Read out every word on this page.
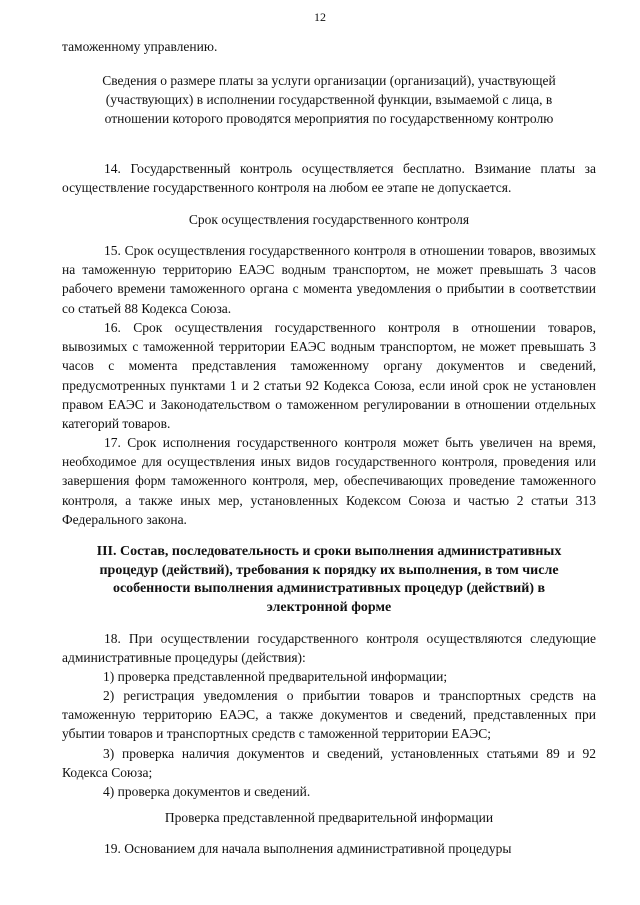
12

таможенному управлению.

Сведения о размере платы за услуги организации (организаций), участвующей (участвующих) в исполнении государственной функции, взымаемой с лица, в отношении которого проводятся мероприятия по государственному контролю

14. Государственный контроль осуществляется бесплатно. Взимание платы за осуществление государственного контроля на любом ее этапе не допускается.

Срок осуществления государственного контроля

15. Срок осуществления государственного контроля в отношении товаров, ввозимых на таможенную территорию ЕАЭС водным транспортом, не может превышать 3 часов рабочего времени таможенного органа с момента уведомления о прибытии в соответствии со статьей 88 Кодекса Союза.

16. Срок осуществления государственного контроля в отношении товаров, вывозимых с таможенной территории ЕАЭС водным транспортом, не может превышать 3 часов с момента представления таможенному органу документов и сведений, предусмотренных пунктами 1 и 2 статьи 92 Кодекса Союза, если иной срок не установлен правом ЕАЭС и Законодательством о таможенном регулировании в отношении отдельных категорий товаров.

17. Срок исполнения государственного контроля может быть увеличен на время, необходимое для осуществления иных видов государственного контроля, проведения или завершения форм таможенного контроля, мер, обеспечивающих проведение таможенного контроля, а также иных мер, установленных Кодексом Союза и частью 2 статьи 313 Федерального закона.

III. Состав, последовательность и сроки выполнения административных процедур (действий), требования к порядку их выполнения, в том числе особенности выполнения административных процедур (действий) в электронной форме

18. При осуществлении государственного контроля осуществляются следующие административные процедуры (действия):

1) проверка представленной предварительной информации;

2) регистрация уведомления о прибытии товаров и транспортных средств на таможенную территорию ЕАЭС, а также документов и сведений, представленных при убытии товаров и транспортных средств с таможенной территории ЕАЭС;

3) проверка наличия документов и сведений, установленных статьями 89 и 92 Кодекса Союза;

4) проверка документов и сведений.

Проверка представленной предварительной информации

19. Основанием для начала выполнения административной процедуры
